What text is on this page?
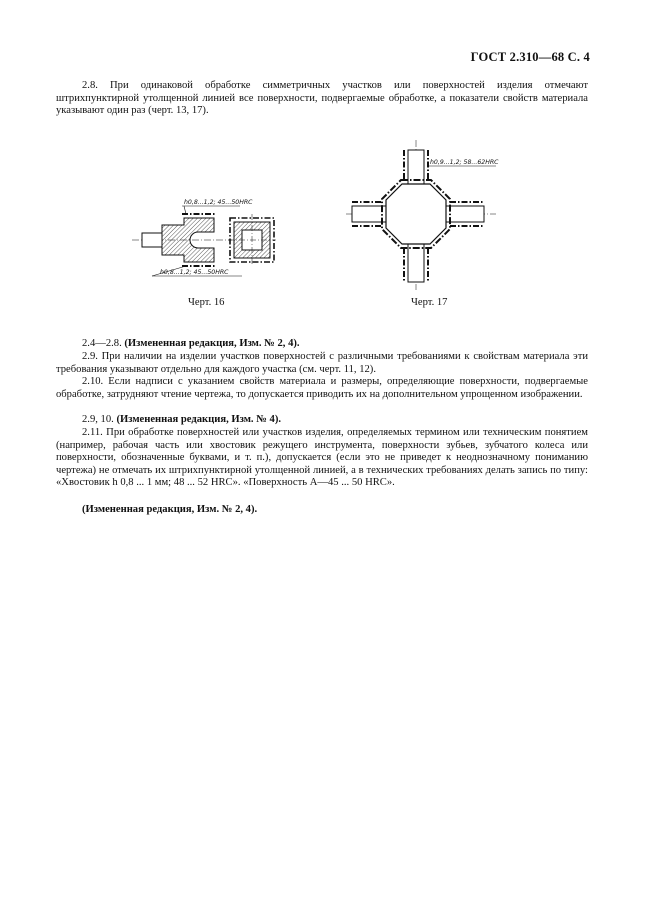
ГОСТ 2.310—68 С. 4

2.8. При одинаковой обработке симметричных участков или поверхностей изделия отмечают штрихпунктирной утолщенной линией все поверхности, подвергаемые обработке, а показатели свойств материала указывают один раз (черт. 13, 17).

h0,8...1,2; 45...50HRC
h0,8...1,2; 45...50HRC
Черт. 16
h0,9...1,2; 58...62HRC
Черт. 17

2.4—2.8. (Измененная редакция, Изм. № 2, 4).

2.9. При наличии на изделии участков поверхностей с различными требованиями к свойствам материала эти требования указывают отдельно для каждого участка (см. черт. 11, 12).

2.10. Если надписи с указанием свойств материала и размеры, определяющие поверхности, подвергаемые обработке, затрудняют чтение чертежа, то допускается приводить их на дополнительном упрощенном изображении.

2.9, 10. (Измененная редакция, Изм. № 4).

2.11. При обработке поверхностей или участков изделия, определяемых термином или техническим понятием (например, рабочая часть или хвостовик режущего инструмента, поверхности зубьев, зубчатого колеса или поверхности, обозначенные буквами, и т. п.), допускается (если это не приведет к неоднозначному пониманию чертежа) не отмечать их штрихпунктирной утолщенной линией, а в технических требованиях делать запись по типу: «Хвостовик h 0,8 ... 1 мм; 48 ... 52 HRC». «Поверхность А—45 ... 50 HRC».

(Измененная редакция, Изм. № 2, 4).
